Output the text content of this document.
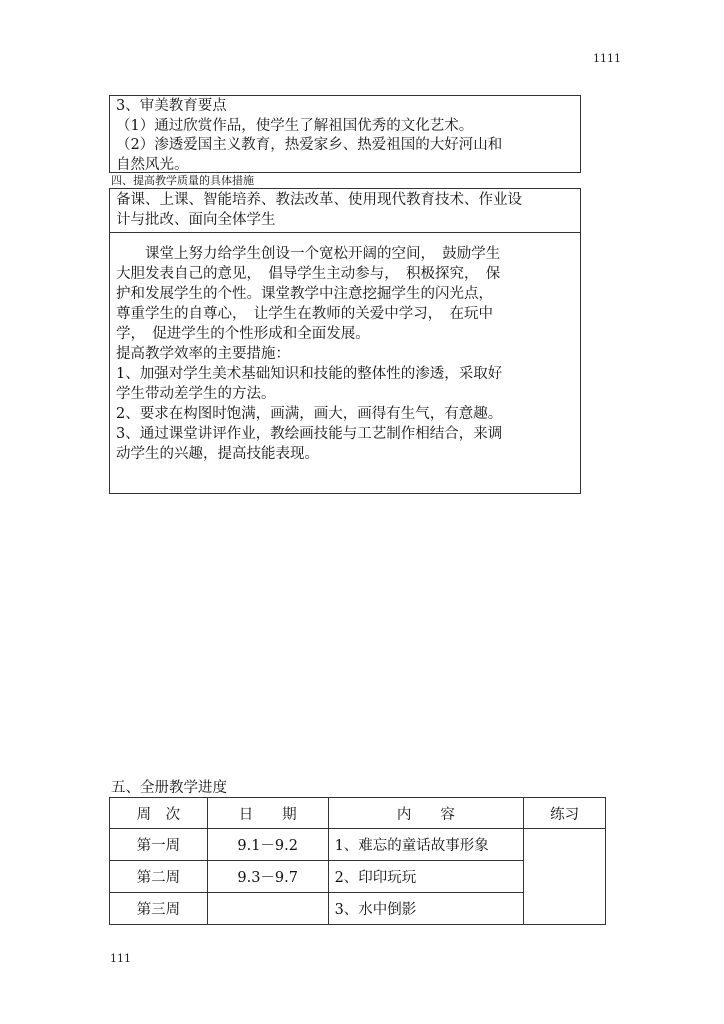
1111
3、审美教育要点
（1）通过欣赏作品，使学生了解祖国优秀的文化艺术。
（2）渗透爱国主义教育，热爱家乡、热爱祖国的大好河山和
自然风光。
四、提高教学质量的具体措施
备课、上课、智能培养、教法改革、使用现代教育技术、作业设
计与批改、面向全体学生
　　课堂上努力给学生创设一个宽松开阔的空间，　鼓励学生
大胆发表自己的意见，　倡导学生主动参与，　积极探究，　保
护和发展学生的个性。课堂教学中注意挖掘学生的闪光点，
尊重学生的自尊心，　让学生在教师的关爱中学习，　在玩中
学，　促进学生的个性形成和全面发展。
提高教学效率的主要措施：
1、加强对学生美术基础知识和技能的整体性的渗透，采取好
学生带动差学生的方法。
2、要求在构图时饱满，画满，画大，画得有生气，有意趣。
3、通过课堂讲评作业，教绘画技能与工艺制作相结合，来调
动学生的兴趣，提高技能表现。
五、全册教学进度
周　次	日　　期	内　　容	练习
第一周	9.1－9.2	1、难忘的童话故事形象	
第二周	9.3－9.7	2、印印玩玩	
第三周		3、水中倒影	
111
